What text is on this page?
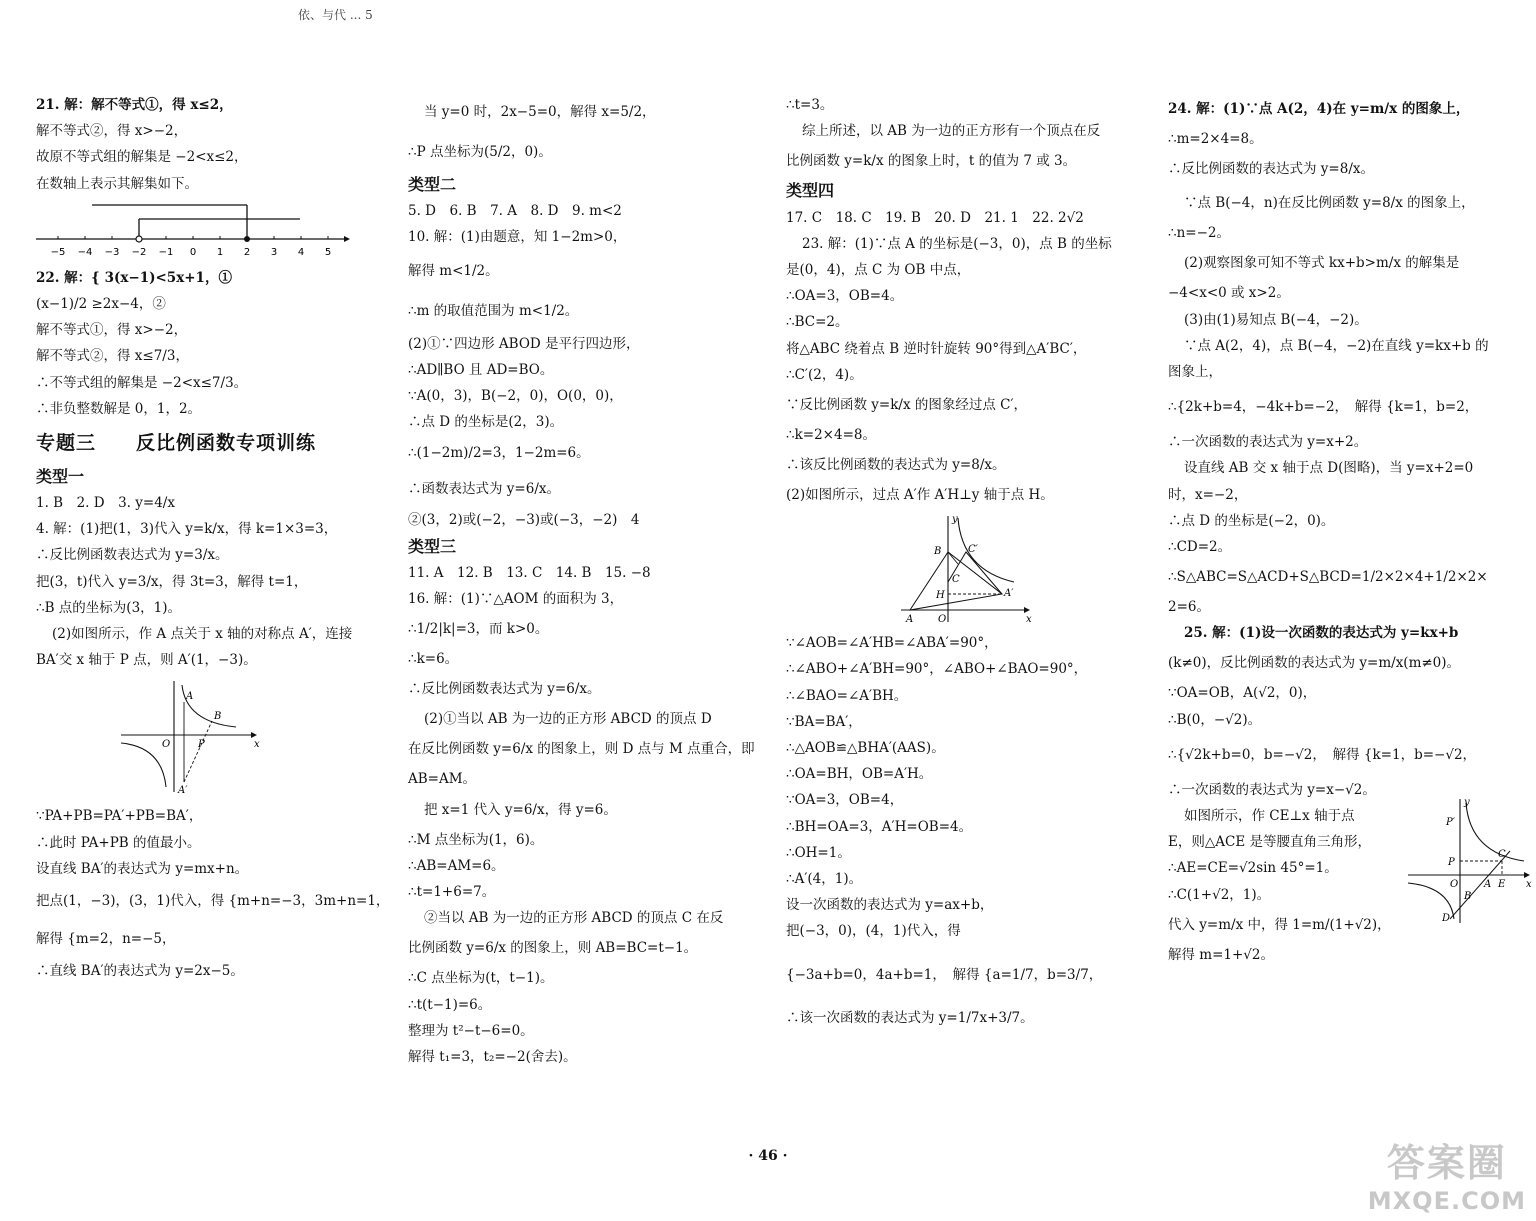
依、与代 ... 5
21. 解：解不等式①，得 x≤2，
解不等式②，得 x>−2，
故原不等式组的解集是 −2<x≤2，
在数轴上表示其解集如下。
−5 −4 −3 −2 −1 0 1 2 3 4 5
22. 解：{ 3(x−1)<5x+1，①
(x−1)/2 ≥2x−4，②
解不等式①，得 x>−2，
解不等式②，得 x≤7/3，
∴不等式组的解集是 −2<x≤7/3。
∴非负整数解是 0，1，2。
专题三　　反比例函数专项训练
类型一
1. B　2. D　3. y=4/x
4. 解：(1)把(1，3)代入 y=k/x，得 k=1×3=3，
∴反比例函数表达式为 y=3/x。
把(3，t)代入 y=3/x，得 3t=3，解得 t=1，
∴B 点的坐标为(3，1)。
(2)如图所示，作 A 点关于 x 轴的对称点 A′，连接
BA′交 x 轴于 P 点，则 A′(1，−3)。
A
B
O	P
A′
x
∵PA+PB=PA′+PB=BA′，
∴此时 PA+PB 的值最小。
设直线 BA′的表达式为 y=mx+n。
把点(1，−3)，(3，1)代入，得 {m+n=−3，3m+n=1，
解得 {m=2，n=−5，
∴直线 BA′的表达式为 y=2x−5。
当 y=0 时，2x−5=0，解得 x=5/2，
∴P 点坐标为(5/2，0)。
类型二
5. D　6. B　7. A　8. D　9. m<2
10. 解：(1)由题意，知 1−2m>0，
解得 m<1/2。
∴m 的取值范围为 m<1/2。
(2)①∵四边形 ABOD 是平行四边形，
∴AD∥BO 且 AD=BO。
∵A(0，3)，B(−2，0)，O(0，0)，
∴点 D 的坐标是(2，3)。
∴(1−2m)/2=3，1−2m=6。
∴函数表达式为 y=6/x。
②(3，2)或(−2，−3)或(−3，−2)　4
类型三
11. A　12. B　13. C　14. B　15. −8
16. 解：(1)∵△AOM 的面积为 3，
∴1/2|k|=3，而 k>0。
∴k=6。
∴反比例函数表达式为 y=6/x。
(2)①当以 AB 为一边的正方形 ABCD 的顶点 D
在反比例函数 y=6/x 的图象上，则 D 点与 M 点重合，即
AB=AM。
把 x=1 代入 y=6/x，得 y=6。
∴M 点坐标为(1，6)。
∴AB=AM=6。
∴t=1+6=7。
②当以 AB 为一边的正方形 ABCD 的顶点 C 在反
比例函数 y=6/x 的图象上，则 AB=BC=t−1。
∴C 点坐标为(t，t−1)。
∴t(t−1)=6。
整理为 t²−t−6=0。
解得 t₁=3，t₂=−2(舍去)。
∴t=3。
综上所述，以 AB 为一边的正方形有一个顶点在反
比例函数 y=k/x 的图象上时，t 的值为 7 或 3。
类型四
17. C　18. C　19. B　20. D　21. 1　22. 2√2
23. 解：(1)∵点 A 的坐标是(−3，0)，点 B 的坐标
是(0，4)，点 C 为 OB 中点，
∴OA=3，OB=4。
∴BC=2。
将△ABC 绕着点 B 逆时针旋转 90°得到△A′BC′，
∴C′(2，4)。
∵反比例函数 y=k/x 的图象经过点 C′，
∴k=2×4=8。
∴该反比例函数的表达式为 y=8/x。
(2)如图所示，过点 A′作 A′H⊥y 轴于点 H。
y
B	C′
C
H	A′
A O	x
∵∠AOB=∠A′HB=∠ABA′=90°，
∴∠ABO+∠A′BH=90°，∠ABO+∠BAO=90°，
∴∠BAO=∠A′BH。
∵BA=BA′，
∴△AOB≌△BHA′(AAS)。
∴OA=BH，OB=A′H。
∵OA=3，OB=4，
∴BH=OA=3，A′H=OB=4。
∴OH=1。
∴A′(4，1)。
设一次函数的表达式为 y=ax+b，
把(−3，0)，(4，1)代入，得
{−3a+b=0，4a+b=1，　解得 {a=1/7，b=3/7，
∴该一次函数的表达式为 y=1/7x+3/7。
24. 解：(1)∵点 A(2，4)在 y=m/x 的图象上，
∴m=2×4=8。
∴反比例函数的表达式为 y=8/x。
∵点 B(−4，n)在反比例函数 y=8/x 的图象上，
∴n=−2。
(2)观察图象可知不等式 kx+b>m/x 的解集是
−4<x<0 或 x>2。
(3)由(1)易知点 B(−4，−2)。
∵点 A(2，4)，点 B(−4，−2)在直线 y=kx+b 的
图象上，
∴{2k+b=4，−4k+b=−2，　解得 {k=1，b=2，
∴一次函数的表达式为 y=x+2。
设直线 AB 交 x 轴于点 D(图略)，当 y=x+2=0
时，x=−2，
∴点 D 的坐标是(−2，0)。
∴CD=2。
∴S△ABC=S△ACD+S△BCD=1/2×2×4+1/2×2×
2=6。
25. 解：(1)设一次函数的表达式为 y=kx+b
(k≠0)，反比例函数的表达式为 y=m/x(m≠0)。
∵OA=OB，A(√2，0)，
∴B(0，−√2)。
∴{√2k+b=0，b=−√2，　解得 {k=1，b=−√2，
∴一次函数的表达式为 y=x−√2。
如图所示，作 CE⊥x 轴于点
E，则△ACE 是等腰直角三角形，
∴AE=CE=√2sin 45°=1。
∴C(1+√2，1)。
代入 y=m/x 中，得 1=m/(1+√2)，
解得 m=1+√2。
y
P′
P
C
O	A E x
B
D
· 46 ·	答案圈
MXQE.COM
